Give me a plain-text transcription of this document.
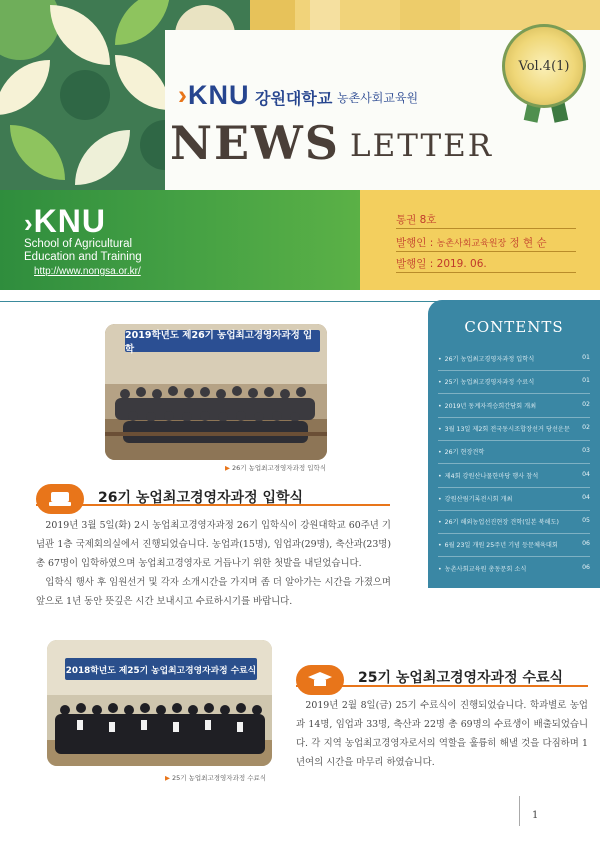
›KNU 강원대학교 농촌사회교육원
NEWS LETTER
Vol.4(1)
›KNU
School of Agricultural
Education and Training
http://www.nongsa.or.kr/
통권 8호
발행인 : 농촌사회교육원장 정 현 순
발행일 : 2019. 06.
CONTENTS
• 26기 농업최고경영자과정 입학식	01
• 25기 농업최고경영자과정 수료식	01
• 2019년 동계자격승희간담회 개최	02
• 3월 13일 제2회 전국동시조합장선거 당선운문 02
• 26기 현장견학	03
• 제4회 강원산나물한마당 행사 참석	04
• 강원산림기록전시회 개최	04
• 26기 해외농업선진현장 견학(일본 북해도)	05
• 6월 23일 개원 25주년 기념 등문체육대회	06
• 농촌사회교육원 총동문회 소식	06
2019학년도 제26기 농업최고경영자과정 입학
▶ 26기 농업최고경영자과정 입학식
26기 농업최고경영자과정 입학식

2019년 3월 5일(화) 2시 농업최고경영자과정 26기 입학식이 강원대학교 60주년 기념관 1층 국제회의실에서 진행되었습니다. 농업과(15명), 임업과(29명), 축산과(23명) 총 67명이 입학하였으며 농업최고경영자로 거듭나기 위한 첫발을 내딛었습니다.

입학식 행사 후 임원선거 및 각자 소개시간을 가지며 좀 더 알아가는 시간을 가졌으며 앞으로 1년 동안 뜻깊은 시간 보내시고 수료하시기를 바랍니다.

2018학년도 제25기 농업최고경영자과정 수료식
▶ 25기 농업최고경영자과정 수료식
25기 농업최고경영자과정 수료식

2019년 2월 8일(금) 25기 수료식이 진행되었습니다. 학과별로 농업과 14명, 임업과 33명, 축산과 22명 총 69명의 수료생이 배출되었습니다. 각 지역 농업최고경영자로서의 역할을 훌륭히 해낼 것을 다짐하며 1년여의 시간을 마무리 하였습니다.

1
